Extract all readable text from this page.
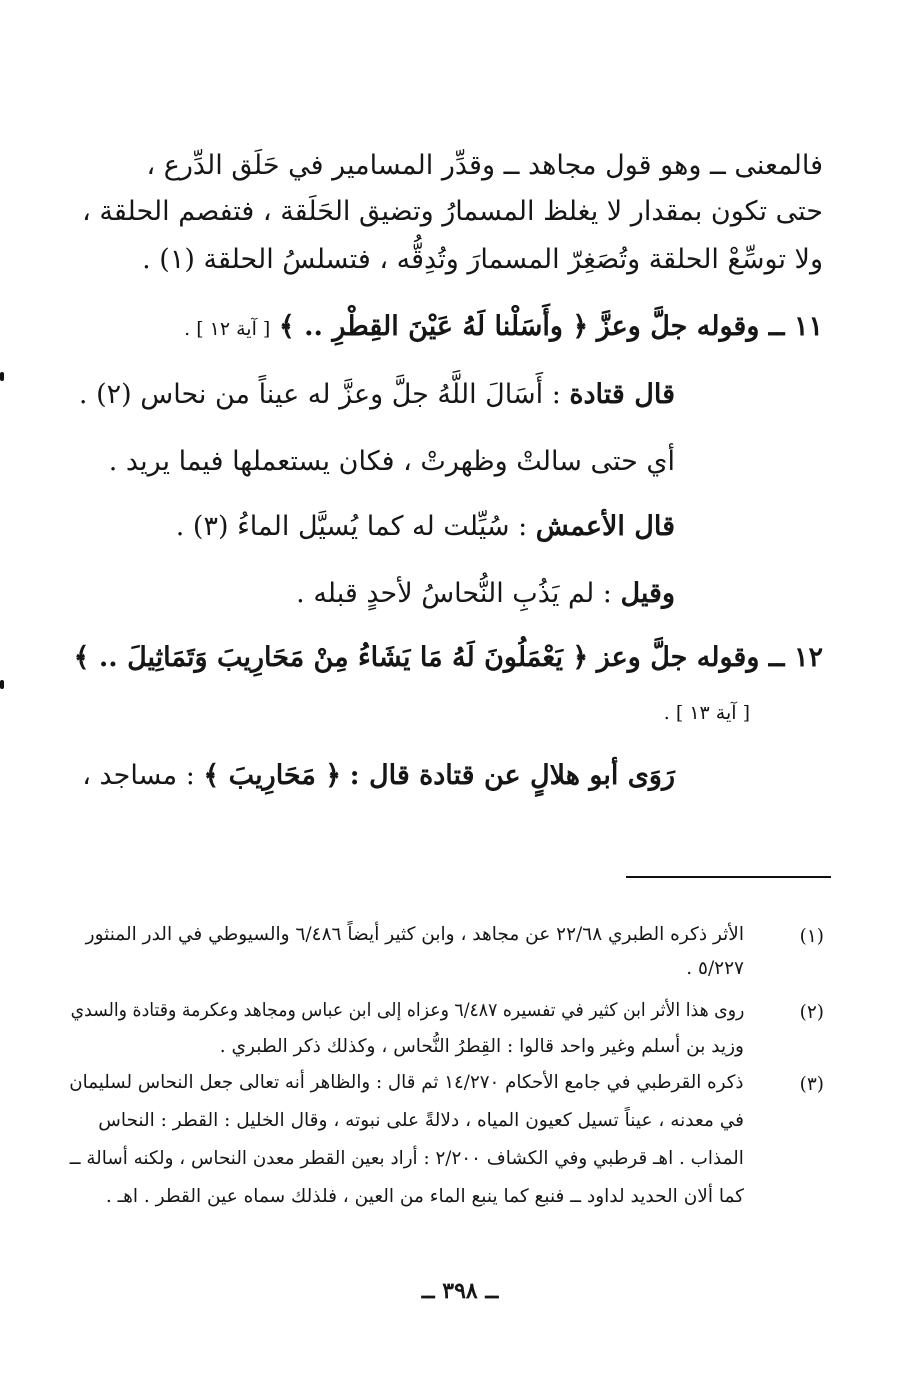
فالمعنى ــ وهو قول مجاهد ــ وقدِّر المسامير في حَلَق الدِّرع ،
حتى تكون بمقدار لا يغلظ المسمارُ وتضيق الحَلَقة ، فتفصم الحلقة ،
ولا توسِّعْ الحلقة وتُصَغِرّ المسمارَ وتُدِقُّه ، فتسلسُ الحلقة (١) .
١١ ــ وقوله جلَّ وعزَّ ﴿ وأَسَلْنا لَهُ عَيْنَ القِطْرِ .. ﴾ [ آية ١٢ ] .
قال قتادة : أَسَالَ اللَّهُ جلَّ وعزَّ له عيناً من نحاس (٢) .
أي حتى سالتْ وظهرتْ ، فكان يستعملها فيما يريد .
قال الأعمش : سُيِّلت له كما يُسيَّل الماءُ (٣) .
وقيل : لم يَذُبِ النُّحاسُ لأحدٍ قبله .
١٢ ــ وقوله جلَّ وعز ﴿ يَعْمَلُونَ لَهُ مَا يَشَاءُ مِنْ مَحَارِيبَ وَتَمَاثِيلَ .. ﴾
[ آية ١٣ ] .
رَوَى أبو هلالٍ عن قتادة قال : ﴿ مَحَارِيبَ ﴾ : مساجد ،
(١)
الأثر ذكره الطبري ٢٢/٦٨ عن مجاهد ، وابن كثير أيضاً ٦/٤٨٦ والسيوطي في الدر المنثور
٥/٢٢٧ .
(٢)
روى هذا الأثر ابن كثير في تفسيره ٦/٤٨٧ وعزاه إلى ابن عباس ومجاهد وعكرمة وقتادة والسدي
وزيد بن أسلم وغير واحد قالوا : القِطرُ النُّحاس ، وكذلك ذكر الطبري .
(٣)
ذكره القرطبي في جامع الأحكام ١٤/٢٧٠ ثم قال : والظاهر أنه تعالى جعل النحاس لسليمان
في معدنه ، عيناً تسيل كعيون المياه ، دلالةً على نبوته ، وقال الخليل : القطر : النحاس
المذاب . اهـ قرطبي وفي الكشاف ٢/٢٠٠ : أراد بعين القطر معدن النحاس ، ولكنه أسالة ــ
كما ألان الحديد لداود ــ فنبع كما ينبع الماء من العين ، فلذلك سماه عين القطر . اهـ .
ــ ٣٩٨ ــ
